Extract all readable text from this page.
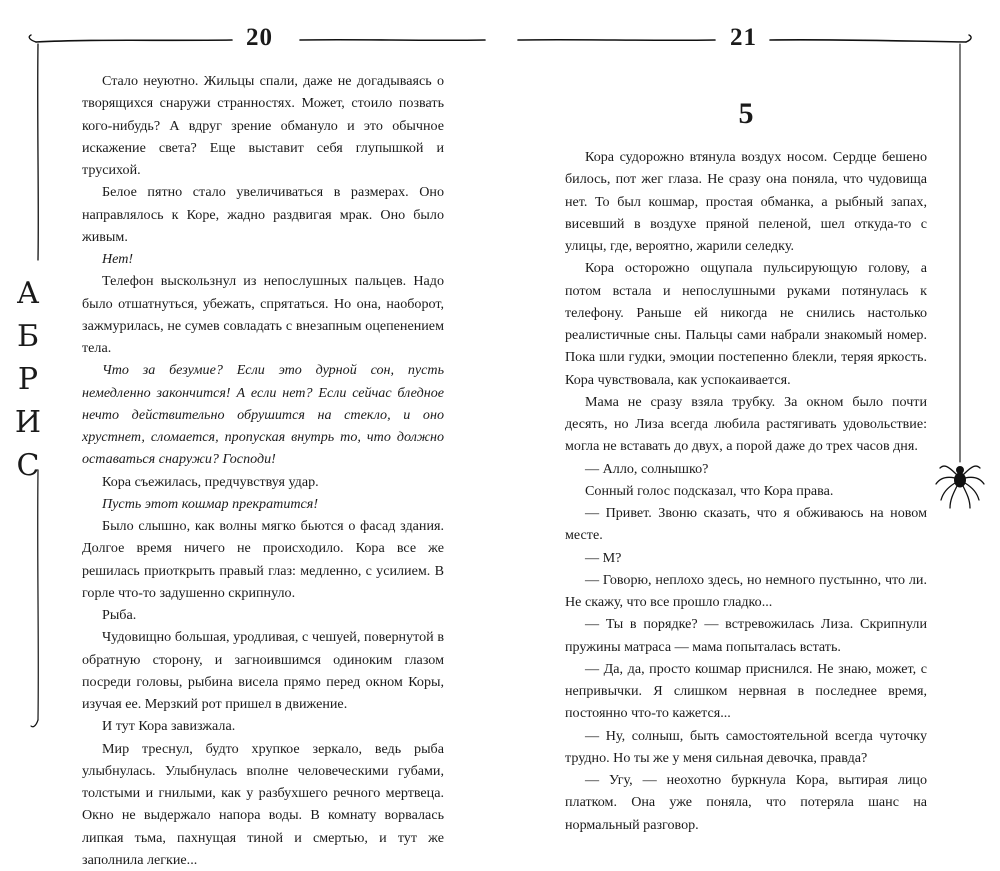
А
Б
Р
И
С
20	21

Стало неуютно. Жильцы спали, даже не догадываясь о творящихся снаружи странностях. Может, стоило позвать кого-нибудь? А вдруг зрение обмануло и это обычное искажение света? Еще выставит себя глупышкой и трусихой.

Белое пятно стало увеличиваться в размерах. Оно направлялось к Коре, жадно раздвигая мрак. Оно было живым.

Нет!

Телефон выскользнул из непослушных пальцев. Надо было отшатнуться, убежать, спрятаться. Но она, наоборот, зажмурилась, не сумев совладать с внезапным оцепенением тела.

Что за безумие? Если это дурной сон, пусть немедленно закончится! А если нет? Если сейчас бледное нечто действительно обрушится на стекло, и оно хрустнет, сломается, пропуская внутрь то, что должно оставаться снаружи? Господи!

Кора съежилась, предчувствуя удар.

Пусть этот кошмар прекратится!

Было слышно, как волны мягко бьются о фасад здания. Долгое время ничего не происходило. Кора все же решилась приоткрыть правый глаз: медленно, с усилием. В горле что-то задушенно скрипнуло.

Рыба.

Чудовищно большая, уродливая, с чешуей, повернутой в обратную сторону, и загноившимся одиноким глазом посреди головы, рыбина висела прямо перед окном Коры, изучая ее. Мерзкий рот пришел в движение.

И тут Кора завизжала.

Мир треснул, будто хрупкое зеркало, ведь рыба улыбнулась. Улыбнулась вполне человеческими губами, толстыми и гнилыми, как у разбухшего речного мертвеца. Окно не выдержало напора воды. В комнату ворвалась липкая тьма, пахнущая тиной и смертью, и тут же заполнила легкие...

5

Кора судорожно втянула воздух носом. Сердце бешено билось, пот жег глаза. Не сразу она поняла, что чудовища нет. То был кошмар, простая обманка, а рыбный запах, висевший в воздухе пряной пеленой, шел откуда-то с улицы, где, вероятно, жарили селедку.

Кора осторожно ощупала пульсирующую голову, а потом встала и непослушными руками потянулась к телефону. Раньше ей никогда не снились настолько реалистичные сны. Пальцы сами набрали знакомый номер. Пока шли гудки, эмоции постепенно блекли, теряя яркость. Кора чувствовала, как успокаивается.

Мама не сразу взяла трубку. За окном было почти десять, но Лиза всегда любила растягивать удовольствие: могла не вставать до двух, а порой даже до трех часов дня.

— Алло, солнышко?

Сонный голос подсказал, что Кора права.

— Привет. Звоню сказать, что я обживаюсь на новом месте.

— М?

— Говорю, неплохо здесь, но немного пустынно, что ли. Не скажу, что все прошло гладко...

— Ты в порядке? — встревожилась Лиза. Скрипнули пружины матраса — мама попыталась встать.

— Да, да, просто кошмар приснился. Не знаю, может, с непривычки. Я слишком нервная в последнее время, постоянно что-то кажется...

— Ну, солныш, быть самостоятельной всегда чуточку трудно. Но ты же у меня сильная девочка, правда?

— Угу, — неохотно буркнула Кора, вытирая лицо платком. Она уже поняла, что потеряла шанс на нормальный разговор.
